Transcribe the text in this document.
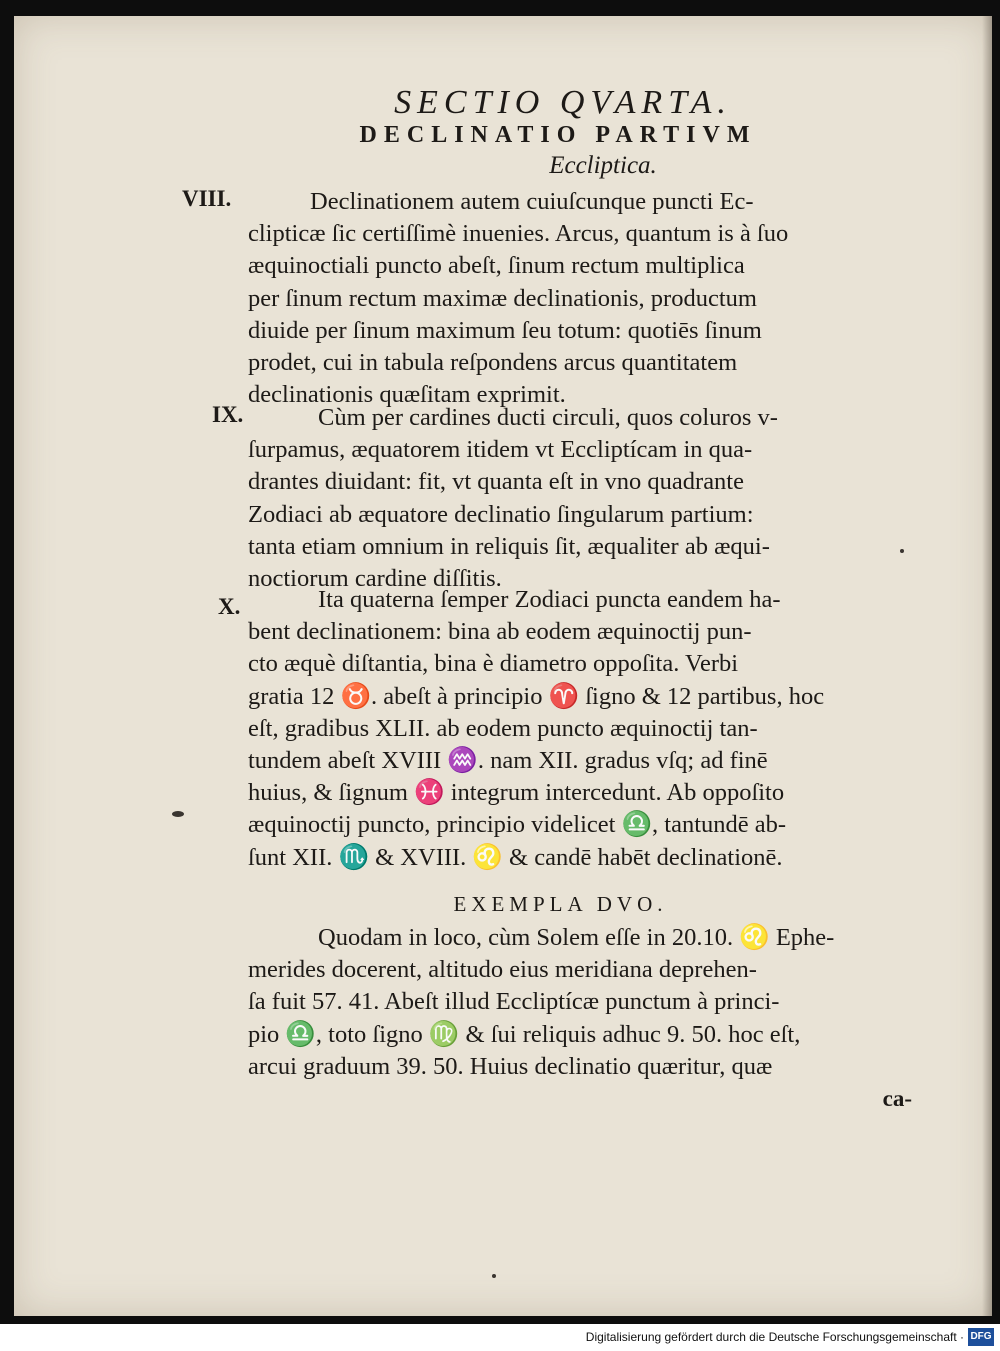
SECTIO QVARTA.
DECLINATIO PARTIVM
Eccliptica.
VIII.	Declinationem autem cuiuſcunque puncti Ec-
clipticæ ſic certiſſimè inuenies. Arcus, quantum is à ſuo
æquinoctiali puncto abeſt, ſinum rectum multiplica
per ſinum rectum maximæ declinationis, productum
diuide per ſinum maximum ſeu totum: quotiēs ſinum
prodet, cui in tabula reſpondens arcus quantitatem
declinationis quæſitam exprimit.
IX.	Cùm per cardines ducti circuli, quos coluros v-
ſurpamus, æquatorem itidem vt Eccliptícam in qua-
drantes diuidant: fit, vt quanta eſt in vno quadrante
Zodiaci ab æquatore declinatio ſingularum partium:
tanta etiam omnium in reliquis ſit, æqualiter ab æqui-
noctiorum cardine diſſitis.
X.	Ita quaterna ſemper Zodiaci puncta eandem ha-
bent declinationem: bina ab eodem æquinoctij pun-
cto æquè diſtantia, bina è diametro oppoſita. Verbi
gratia 12 ♉. abeſt à principio ♈ ſigno & 12 partibus, hoc
eſt, gradibus XLII. ab eodem puncto æquinoctij tan-
tundem abeſt XVIII ♒. nam XII. gradus vſq; ad finē
huius, & ſignum ♓ integrum intercedunt. Ab oppoſito
æquinoctij puncto, principio videlicet ♎, tantundē ab-
ſunt XII. ♏ & XVIII. ♌ & candē habēt declinationē.
EXEMPLA DVO.
Quodam in loco, cùm Solem eſſe in 20.10. ♌ Ephe-
merides docerent, altitudo eius meridiana deprehen-
ſa fuit 57. 41. Abeſt illud Eccliptícæ punctum à princi-
pio ♎, toto ſigno ♍ & ſui reliquis adhuc 9. 50. hoc eſt,
arcui graduum 39. 50. Huius declinatio quæritur, quæ
ca-
Digitalisierung gefördert durch die Deutsche Forschungsgemeinschaft · DFG
